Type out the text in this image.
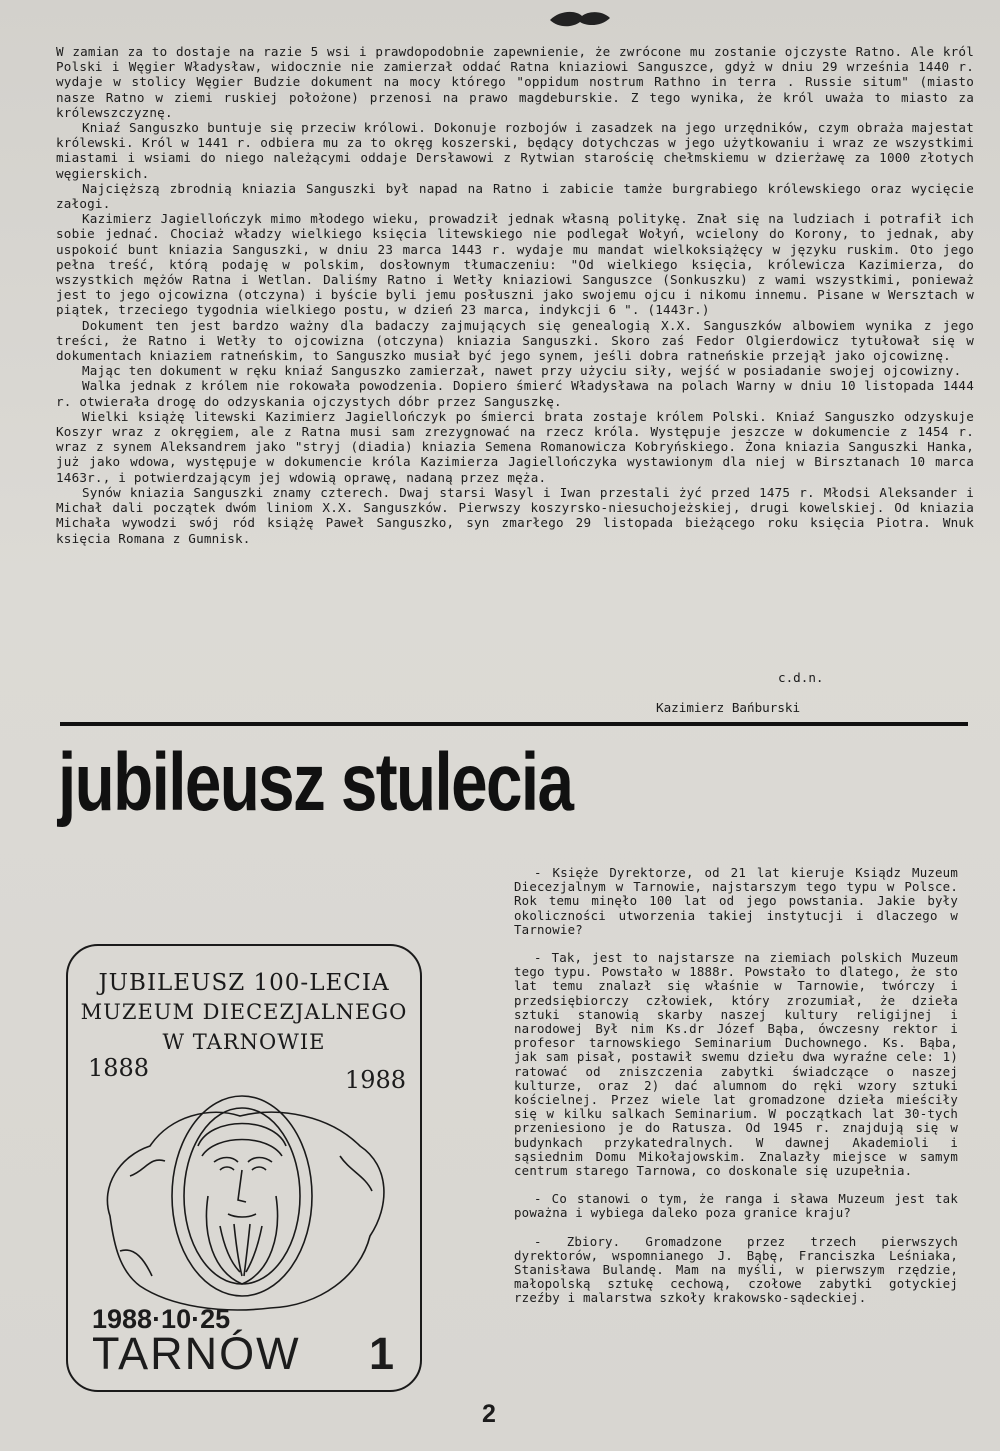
W zamian za to dostaje na razie 5 wsi i prawdopodobnie zapewnienie, że zwrócone mu zostanie ojczyste Ratno. Ale król Polski i Węgier Władysław, widocznie nie zamierzał oddać Ratna kniaziowi Sanguszce, gdyż w dniu 29 września 1440 r. wydaje w stolicy Węgier Budzie dokument na mocy którego "oppidum nostrum Rathno in terra . Russie situm" (miasto nasze Ratno w ziemi ruskiej położone) przenosi na prawo magdeburskie. Z tego wynika, że król uważa to miasto za królewszczyznę.

Kniaź Sanguszko buntuje się przeciw królowi. Dokonuje rozbojów i zasadzek na jego urzędników, czym obraża majestat królewski. Król w 1441 r. odbiera mu za to okręg koszerski, będący dotychczas w jego użytkowaniu i wraz ze wszystkimi miastami i wsiami do niego należącymi oddaje Dersławowi z Rytwian starościę chełmskiemu w dzierżawę za 1000 złotych węgierskich.

Najcięższą zbrodnią kniazia Sanguszki był napad na Ratno i zabicie tamże burgrabiego królewskiego oraz wycięcie załogi.

Kazimierz Jagiellończyk mimo młodego wieku, prowadził jednak własną politykę. Znał się na ludziach i potrafił ich sobie jednać. Chociaż władzy wielkiego księcia litewskiego nie podlegał Wołyń, wcielony do Korony, to jednak, aby uspokoić bunt kniazia Sanguszki, w dniu 23 marca 1443 r. wydaje mu mandat wielkoksiążęcy w języku ruskim. Oto jego pełna treść, którą podaję w polskim, dosłownym tłumaczeniu: "Od wielkiego księcia, królewicza Kazimierza, do wszystkich mężów Ratna i Wetlan. Daliśmy Ratno i Wetły kniaziowi Sanguszce (Sonkuszku) z wami wszystkimi, ponieważ jest to jego ojcowizna (otczyna) i byście byli jemu posłuszni jako swojemu ojcu i nikomu innemu. Pisane w Wersztach w piątek, trzeciego tygodnia wielkiego postu, w dzień 23 marca, indykcji 6 ". (1443r.)

Dokument ten jest bardzo ważny dla badaczy zajmujących się genealogią X.X. Sanguszków albowiem wynika z jego treści, że Ratno i Wetły to ojcowizna (otczyna) kniazia Sanguszki. Skoro zaś Fedor Olgierdowicz tytułował się w dokumentach kniaziem ratneńskim, to Sanguszko musiał być jego synem, jeśli dobra ratneńskie przejął jako ojcowiznę.

Mając ten dokument w ręku kniaź Sanguszko zamierzał, nawet przy użyciu siły, wejść w posiadanie swojej ojcowizny.

Walka jednak z królem nie rokowała powodzenia. Dopiero śmierć Władysława na polach Warny w dniu 10 listopada 1444 r. otwierała drogę do odzyskania ojczystych dóbr przez Sanguszkę.

Wielki książę litewski Kazimierz Jagiellończyk po śmierci brata zostaje królem Polski. Kniaź Sanguszko odzyskuje Koszyr wraz z okręgiem, ale z Ratna musi sam zrezygnować na rzecz króla. Występuje jeszcze w dokumencie z 1454 r. wraz z synem Aleksandrem jako "stryj (diadia) kniazia Semena Romanowicza Kobryńskiego. Żona kniazia Sanguszki Hanka, już jako wdowa, występuje w dokumencie króla Kazimierza Jagiellończyka wystawionym dla niej w Birsztanach 10 marca 1463r., i potwierdzającym jej wdowią oprawę, nadaną przez męża.

Synów kniazia Sanguszki znamy czterech. Dwaj starsi Wasyl i Iwan przestali żyć przed 1475 r. Młodsi Aleksander i Michał dali początek dwóm liniom X.X. Sanguszków. Pierwszy koszyrsko-niesuchojeżskiej, drugi kowelskiej. Od kniazia Michała wywodzi swój ród książę Paweł Sanguszko, syn zmarłego 29 listopada bieżącego roku księcia Piotra. Wnuk księcia Romana z Gumnisk.

c.d.n.
Kazimierz Bańburski
jubileusz stulecia
JUBILEUSZ 100-LECIA
MUZEUM DIECEZJALNEGO
W TARNOWIE
1888	1988
1988·10·25
TARNÓW 1

- Księże Dyrektorze, od 21 lat kieruje Ksiądz Muzeum Diecezjalnym w Tarnowie, najstarszym tego typu w Polsce. Rok temu minęło 100 lat od jego powstania. Jakie były okoliczności utworzenia takiej instytucji i dlaczego w Tarnowie?

- Tak, jest to najstarsze na ziemiach polskich Muzeum tego typu. Powstało w 1888r. Powstało to dlatego, że sto lat temu znalazł się właśnie w Tarnowie, twórczy i przedsiębiorczy człowiek, który zrozumiał, że dzieła sztuki stanowią skarby naszej kultury religijnej i narodowej Był nim Ks.dr Józef Bąba, ówczesny rektor i profesor tarnowskiego Seminarium Duchownego. Ks. Bąba, jak sam pisał, postawił swemu dziełu dwa wyraźne cele: 1) ratować od zniszczenia zabytki świadczące o naszej kulturze, oraz 2) dać alumnom do ręki wzory sztuki kościelnej. Przez wiele lat gromadzone dzieła mieściły się w kilku salkach Seminarium. W początkach lat 30-tych przeniesiono je do Ratusza. Od 1945 r. znajdują się w budynkach przykatedralnych. W dawnej Akademioli i sąsiednim Domu Mikołajowskim. Znalazły miejsce w samym centrum starego Tarnowa, co doskonale się uzupełnia.

- Co stanowi o tym, że ranga i sława Muzeum jest tak poważna i wybiega daleko poza granice kraju?

- Zbiory. Gromadzone przez trzech pierwszych dyrektorów, wspomnianego J. Bąbę, Franciszka Leśniaka, Stanisława Bulandę. Mam na myśli, w pierwszym rzędzie, małopolską sztukę cechową, czołowe zabytki gotyckiej rzeźby i malarstwa szkoły krakowsko-sądeckiej.

2
